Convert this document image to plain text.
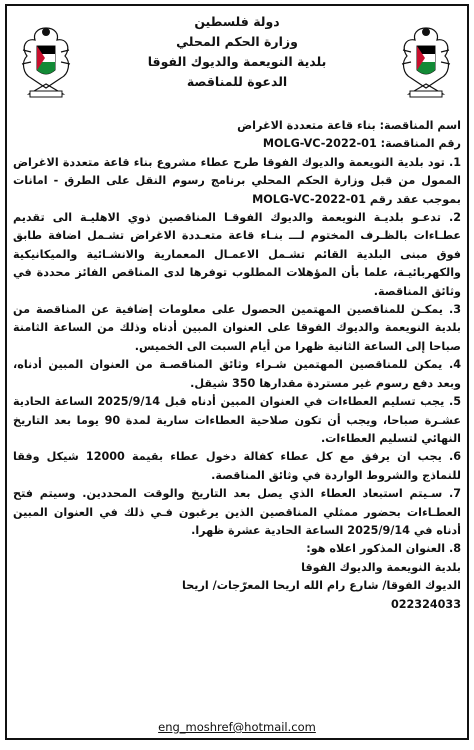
دولة فلسطين
وزارة الحكم المحلي
بلدية النويعمة والديوك الفوقا
الدعوة للمناقصة
اسم المناقصة: بناء قاعة متعددة الاغراض
رقم المناقصة: MOLG-VC-2022-01

1. تود بلدية النويعمة والديوك الفوقا طرح عطاء مشروع بناء قاعة متعددة الاغراض الممول من قبل وزارة الحكم المحلي برنامج رسوم النقل على الطرق - امانات بموجب عقد رقم MOLG-VC-2022-01

2. تدعـو بلديـة النويعمة والديوك الفوقـا المناقصين ذوي الاهليـة الى تقديم عطـاءات بالظـرف المختوم لـــ بنـاء قاعة متعـددة الاغراض تشـمل اضافة طابق فوق مبنى البلدية القائم تشـمل الاعمـال المعمارية والانشـائية والميكانيكية والكهربائيـة، علما بأن المؤهلات المطلوب توفرها لدى المناقص الفائز محددة في وثائق المناقصة.

3. يمكـن للمناقصين المهتمين الحصول على معلومات إضافية عن المناقصة من بلدية النويعمة والديوك الفوقا على العنوان المبين أدناه وذلك من الساعة الثامنة صباحا إلى الساعة الثانية ظهرا من أيام السبت الى الخميس.

4. يمكن للمناقصين المهتمين شـراء وثائق المناقصـة من العنوان المبين أدناه، وبعد دفع رسوم غير مستردة مقدارها 350 شيقل.

5. يجب تسليم العطاءات في العنوان المبين أدناه قبل 2025/9/14 الساعة الحادية عشـرة صباحا، ويجب أن تكون صلاحية العطاءات سارية لمدة 90 يوما بعد التاريخ النهائي لتسليم العطاءات.

6. يجب ان يرفق مع كل عطاء كفالة دخول عطاء بقيمة 12000 شيكل وفقا للنماذج والشروط الواردة في وثائق المناقصة.

7. سـيتم استبعاد العطاء الذي يصل بعد التاريخ والوقت المحددين. وسيتم فتح العطـاءات بحضور ممثلي المناقصين الذين يرغبون فـي ذلك في العنوان المبين أدناه في 2025/9/14 الساعة الحادية عشرة ظهرا.

8. العنوان المذكور اعلاه هو:
بلدية النويعمة والديوك الفوقا
الديوك الفوقا/ شارع رام الله اريحا المعرّجات/ اريحا
022324033
eng_moshref@hotmail.com
